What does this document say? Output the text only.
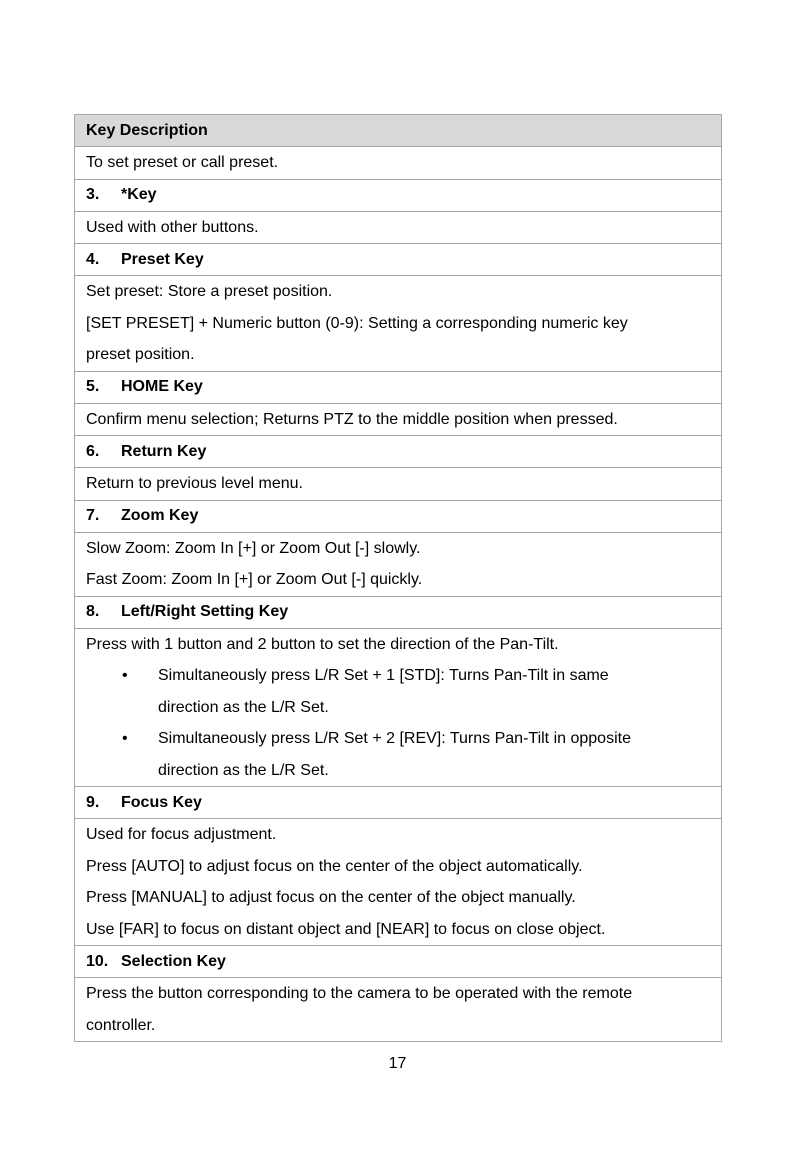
Key Description

To set preset or call preset.

3. *Key

Used with other buttons.

4. Preset Key

Set preset: Store a preset position.
[SET PRESET] + Numeric button (0-9): Setting a corresponding numeric key
preset position.

5. HOME Key

Confirm menu selection; Returns PTZ to the middle position when pressed.

6. Return Key

Return to previous level menu.

7. Zoom Key

Slow Zoom: Zoom In [+] or Zoom Out [-] slowly.
Fast Zoom: Zoom In [+] or Zoom Out [-] quickly.

8. Left/Right Setting Key

Press with 1 button and 2 button to set the direction of the Pan-Tilt.
• Simultaneously press L/R Set + 1 [STD]: Turns Pan-Tilt in same
direction as the L/R Set.
• Simultaneously press L/R Set + 2 [REV]: Turns Pan-Tilt in opposite
direction as the L/R Set.

9. Focus Key

Used for focus adjustment.
Press [AUTO] to adjust focus on the center of the object automatically.
Press [MANUAL] to adjust focus on the center of the object manually.
Use [FAR] to focus on distant object and [NEAR] to focus on close object.

10. Selection Key

Press the button corresponding to the camera to be operated with the remote
controller.
17
